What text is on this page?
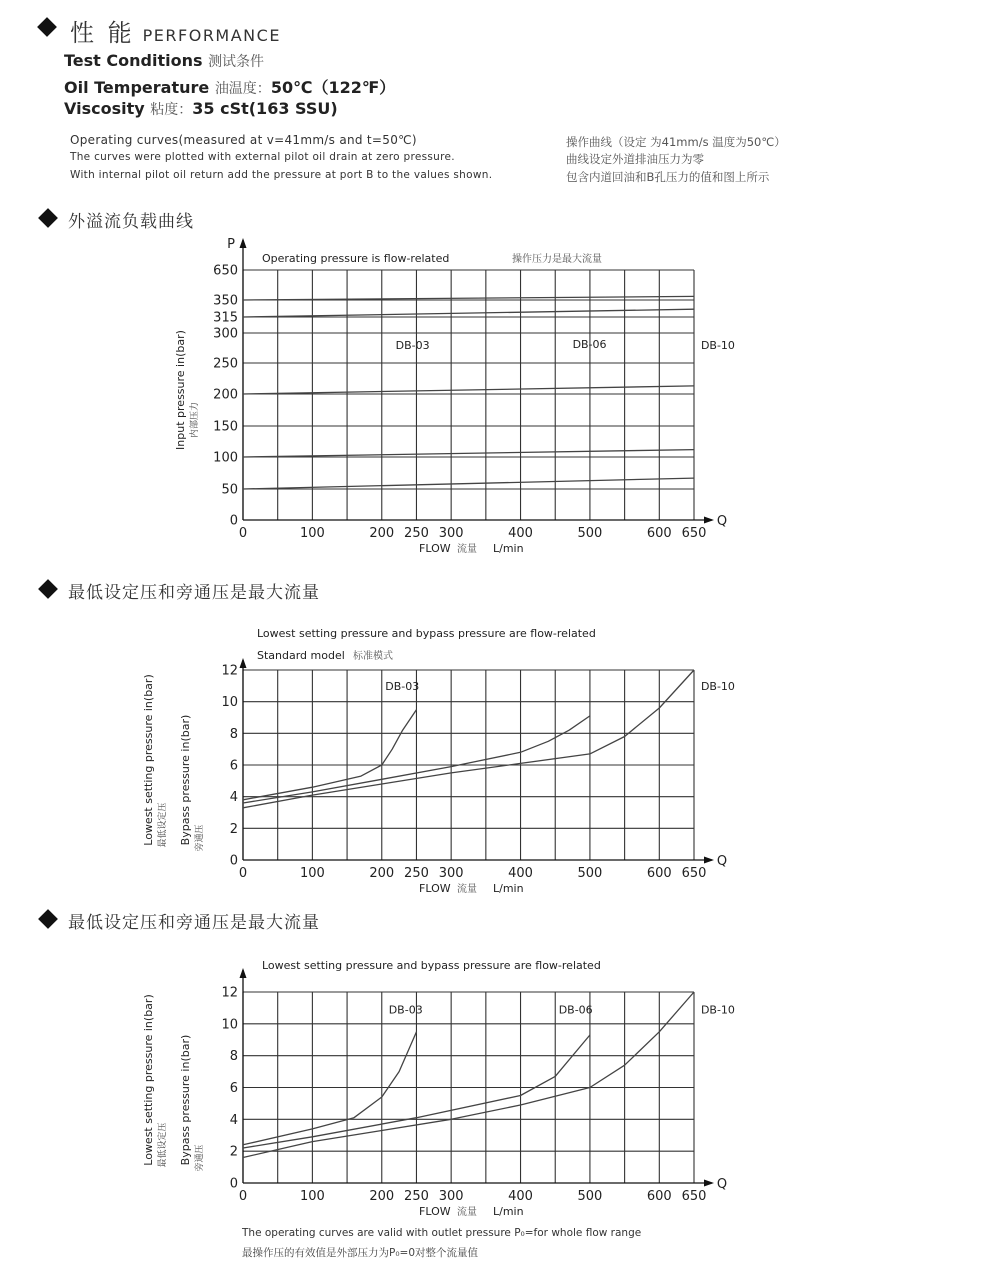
性 能 PERFORMANCE
Test Conditions 测试条件
Oil Temperature 油温度：50℃（122℉）
Viscosity 粘度：35 cSt(163 SSU)
Operating curves(measured at v=41mm/s and t=50℃)
The curves were plotted with external pilot oil drain at zero pressure.
With internal pilot oil return add the pressure at port B to the values shown.
操作曲线（设定 为41mm/s 温度为50℃）
曲线设定外道排油压力为零
包含内道回油和B孔压力的值和图上所示
外溢流负载曲线
最低设定压和旁通压是最大流量
最低设定压和旁通压是最大流量
The operating curves are valid with outlet pressure P₀=for whole flow range
最操作压的有效值是外部压力为P₀=0对整个流量值
Q
P
0	100	200 250 300	400	500	600 650
0
50
100
150
200
250
300
315
350
650
FLOW 流量 L/min
Operating pressure is flow-related	操作压力是最大流量
Input pressure in(bar) 内部压力
DB-03	DB-06	DB-10
Q
0	100	200 250 300	400	500	600 650
0
2
4
6
8
10
12
FLOW 流量 L/min
Lowest setting pressure and bypass pressure are flow-related
Standard model 标准模式
Lowest setting pressure in(bar) 最低设定压 Bypass pressure in(bar) 旁通压
DB-03	DB-10
Q
0	100	200 250 300	400	500	600 650
0
2
4
6
8
10
12
FLOW 流量 L/min
Lowest setting pressure and bypass pressure are flow-related
Lowest setting pressure in(bar) 最低设定压 Bypass pressure in(bar) 旁通压
DB-03	DB-06	DB-10
